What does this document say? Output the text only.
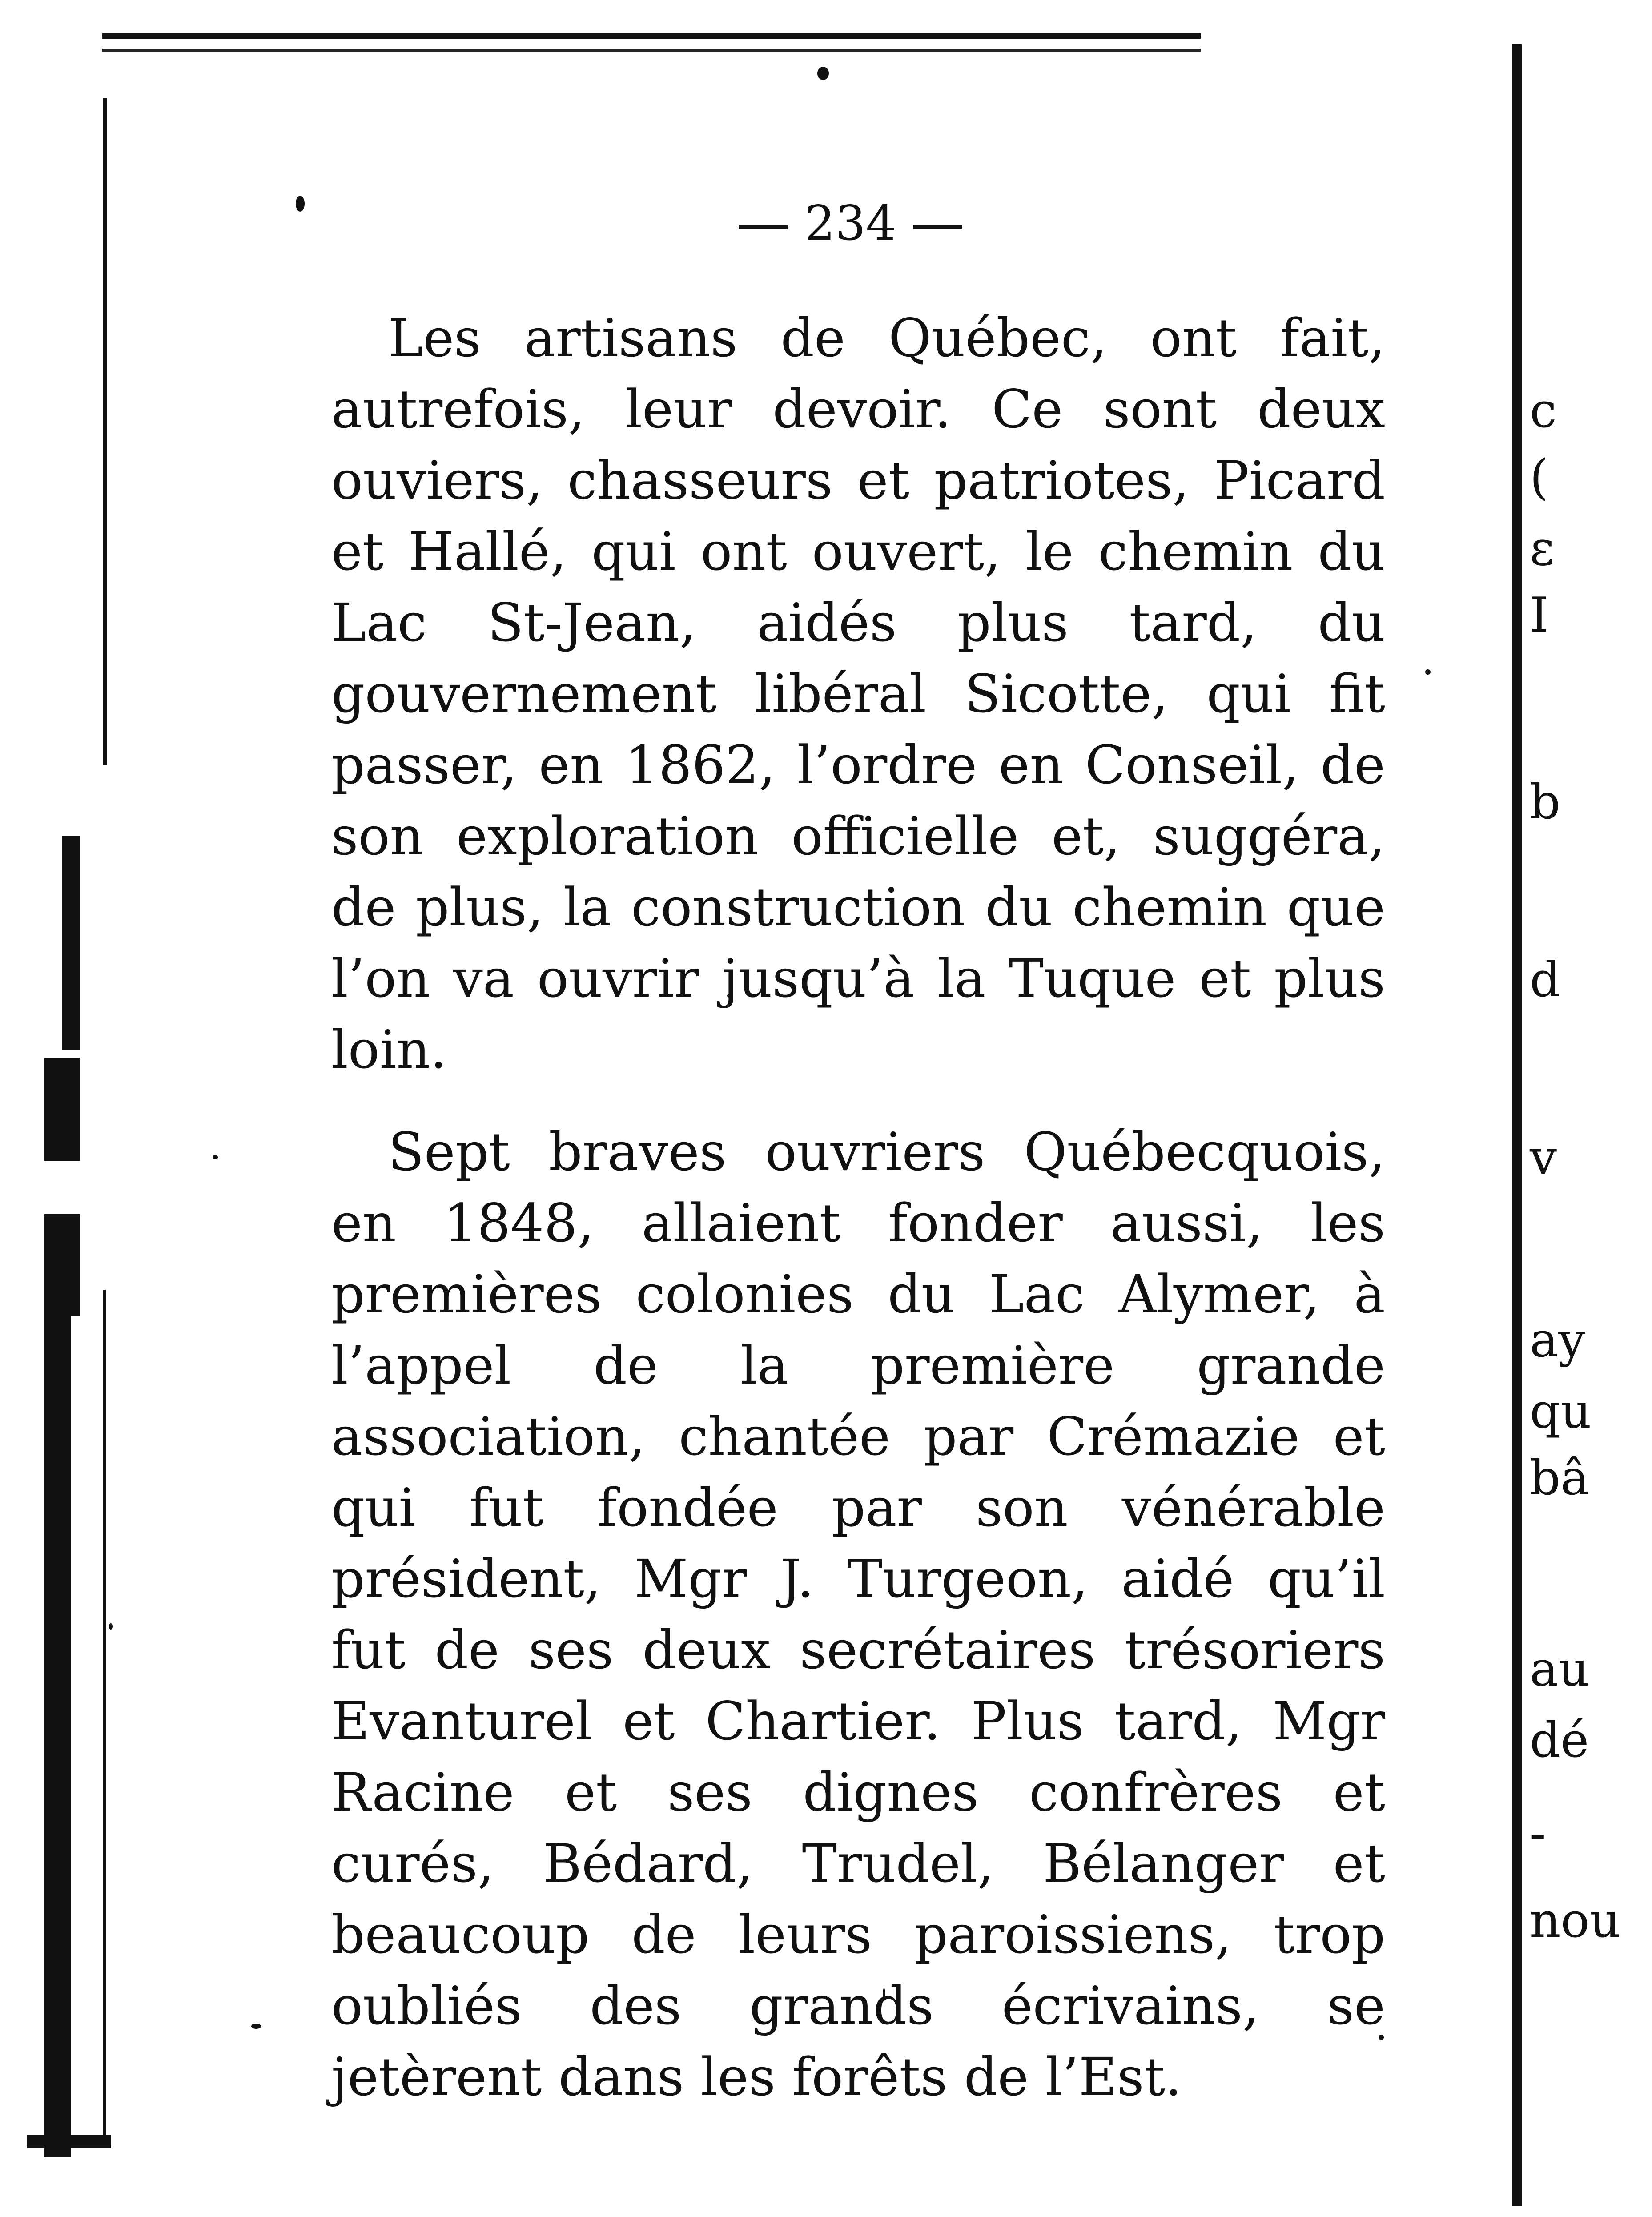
234

Les artisans de Québec, ont fait, autrefois, leur devoir. Ce sont deux ouviers, chasseurs et patriotes, Picard et Hallé, qui ont ouvert, le chemin du Lac St-Jean, aidés plus tard, du gouvernement libéral Sicotte, qui fit passer, en 1862, l’ordre en Conseil, de son exploration officielle et, suggéra, de plus, la construction du chemin que l’on va ouvrir jusqu’à la Tuque et plus loin.

Sept braves ouvriers Québecquois, en 1848, allaient fonder aussi, les premières colonies du Lac Alymer, à l’appel de la première grande association, chantée par Crémazie et qui fut fondée par son vénérable président, Mgr J. Turgeon, aidé qu’il fut de ses deux secrétaires trésoriers Evanturel et Chartier. Plus tard, Mgr Racine et ses dignes confrères et curés, Bédard, Trudel, Bélanger et beaucoup de leurs paroissiens, trop oubliés des grands écrivains, se jetèrent dans les forêts de l’Est.

c
(
ε
I
b
d
v
ay
qu
bâ
au
dé
-
nou
